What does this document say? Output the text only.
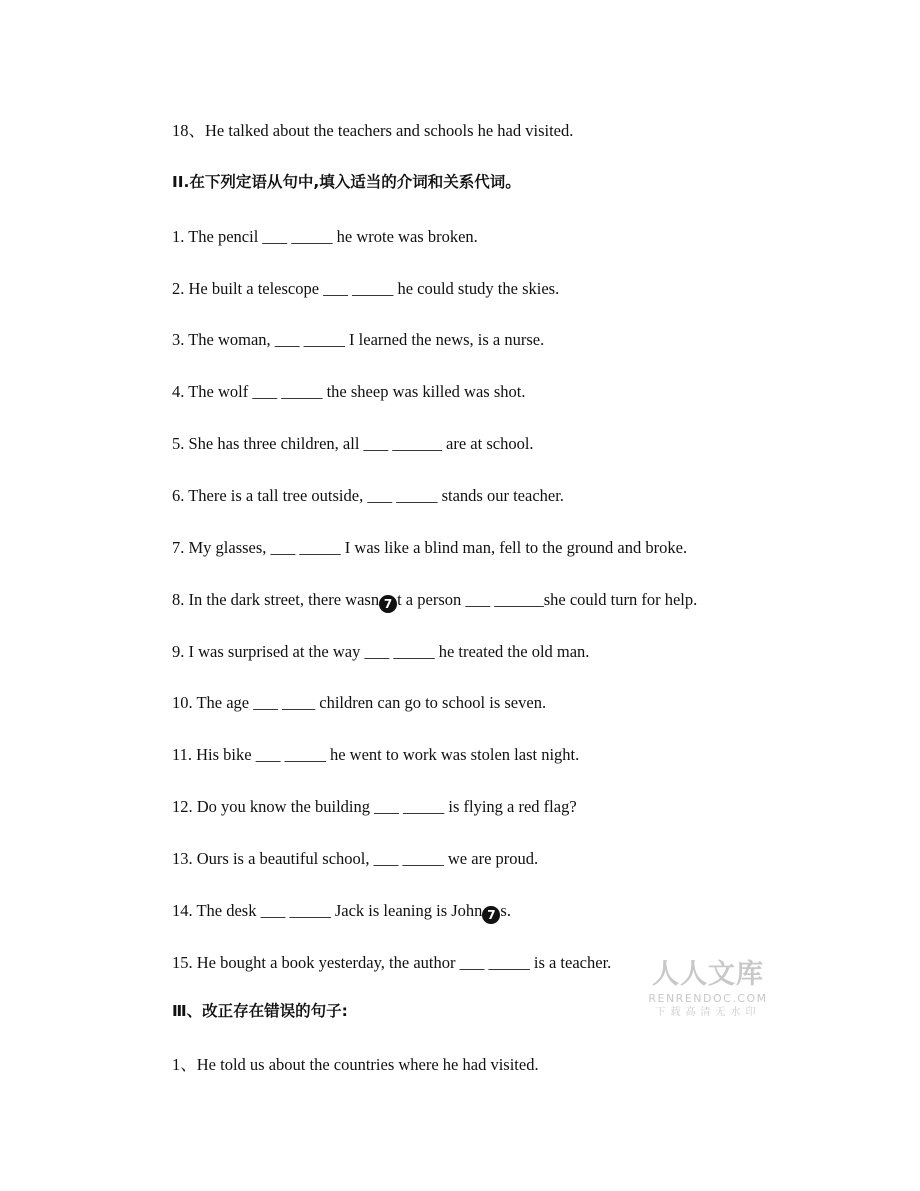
18、He talked about the teachers and schools he had visited.
II.在下列定语从句中,填入适当的介词和关系代词。
1. The pencil ___ _____ he wrote was broken.
2. He built a telescope ___ _____ he could study the skies.
3. The woman, ___ _____ I learned the news, is a nurse.
4. The wolf ___ _____ the sheep was killed was shot.
5. She has three children, all ___ ______ are at school.
6. There is a tall tree outside, ___ _____ stands our teacher.
7. My glasses, ___ _____ I was like a blind man, fell to the ground and broke.
8. In the dark street, there wasn 7 t a person ___ ______she could turn for help.
9. I was surprised at the way ___ _____ he treated the old man.
10. The age ___ ____ children can go to school is seven.
11. His bike ___ _____ he went to work was stolen last night.
12. Do you know the building ___ _____ is flying a red flag?
13. Ours is a beautiful school, ___ _____ we are proud.
14. The desk ___ _____ Jack is leaning is John 7 s.
15. He bought a book yesterday, the author ___ _____ is a teacher.
Ⅲ、改正存在错误的句子:
1、He told us about the countries where he had visited.
人人文库
RENRENDOC.COM
下载高清无水印
